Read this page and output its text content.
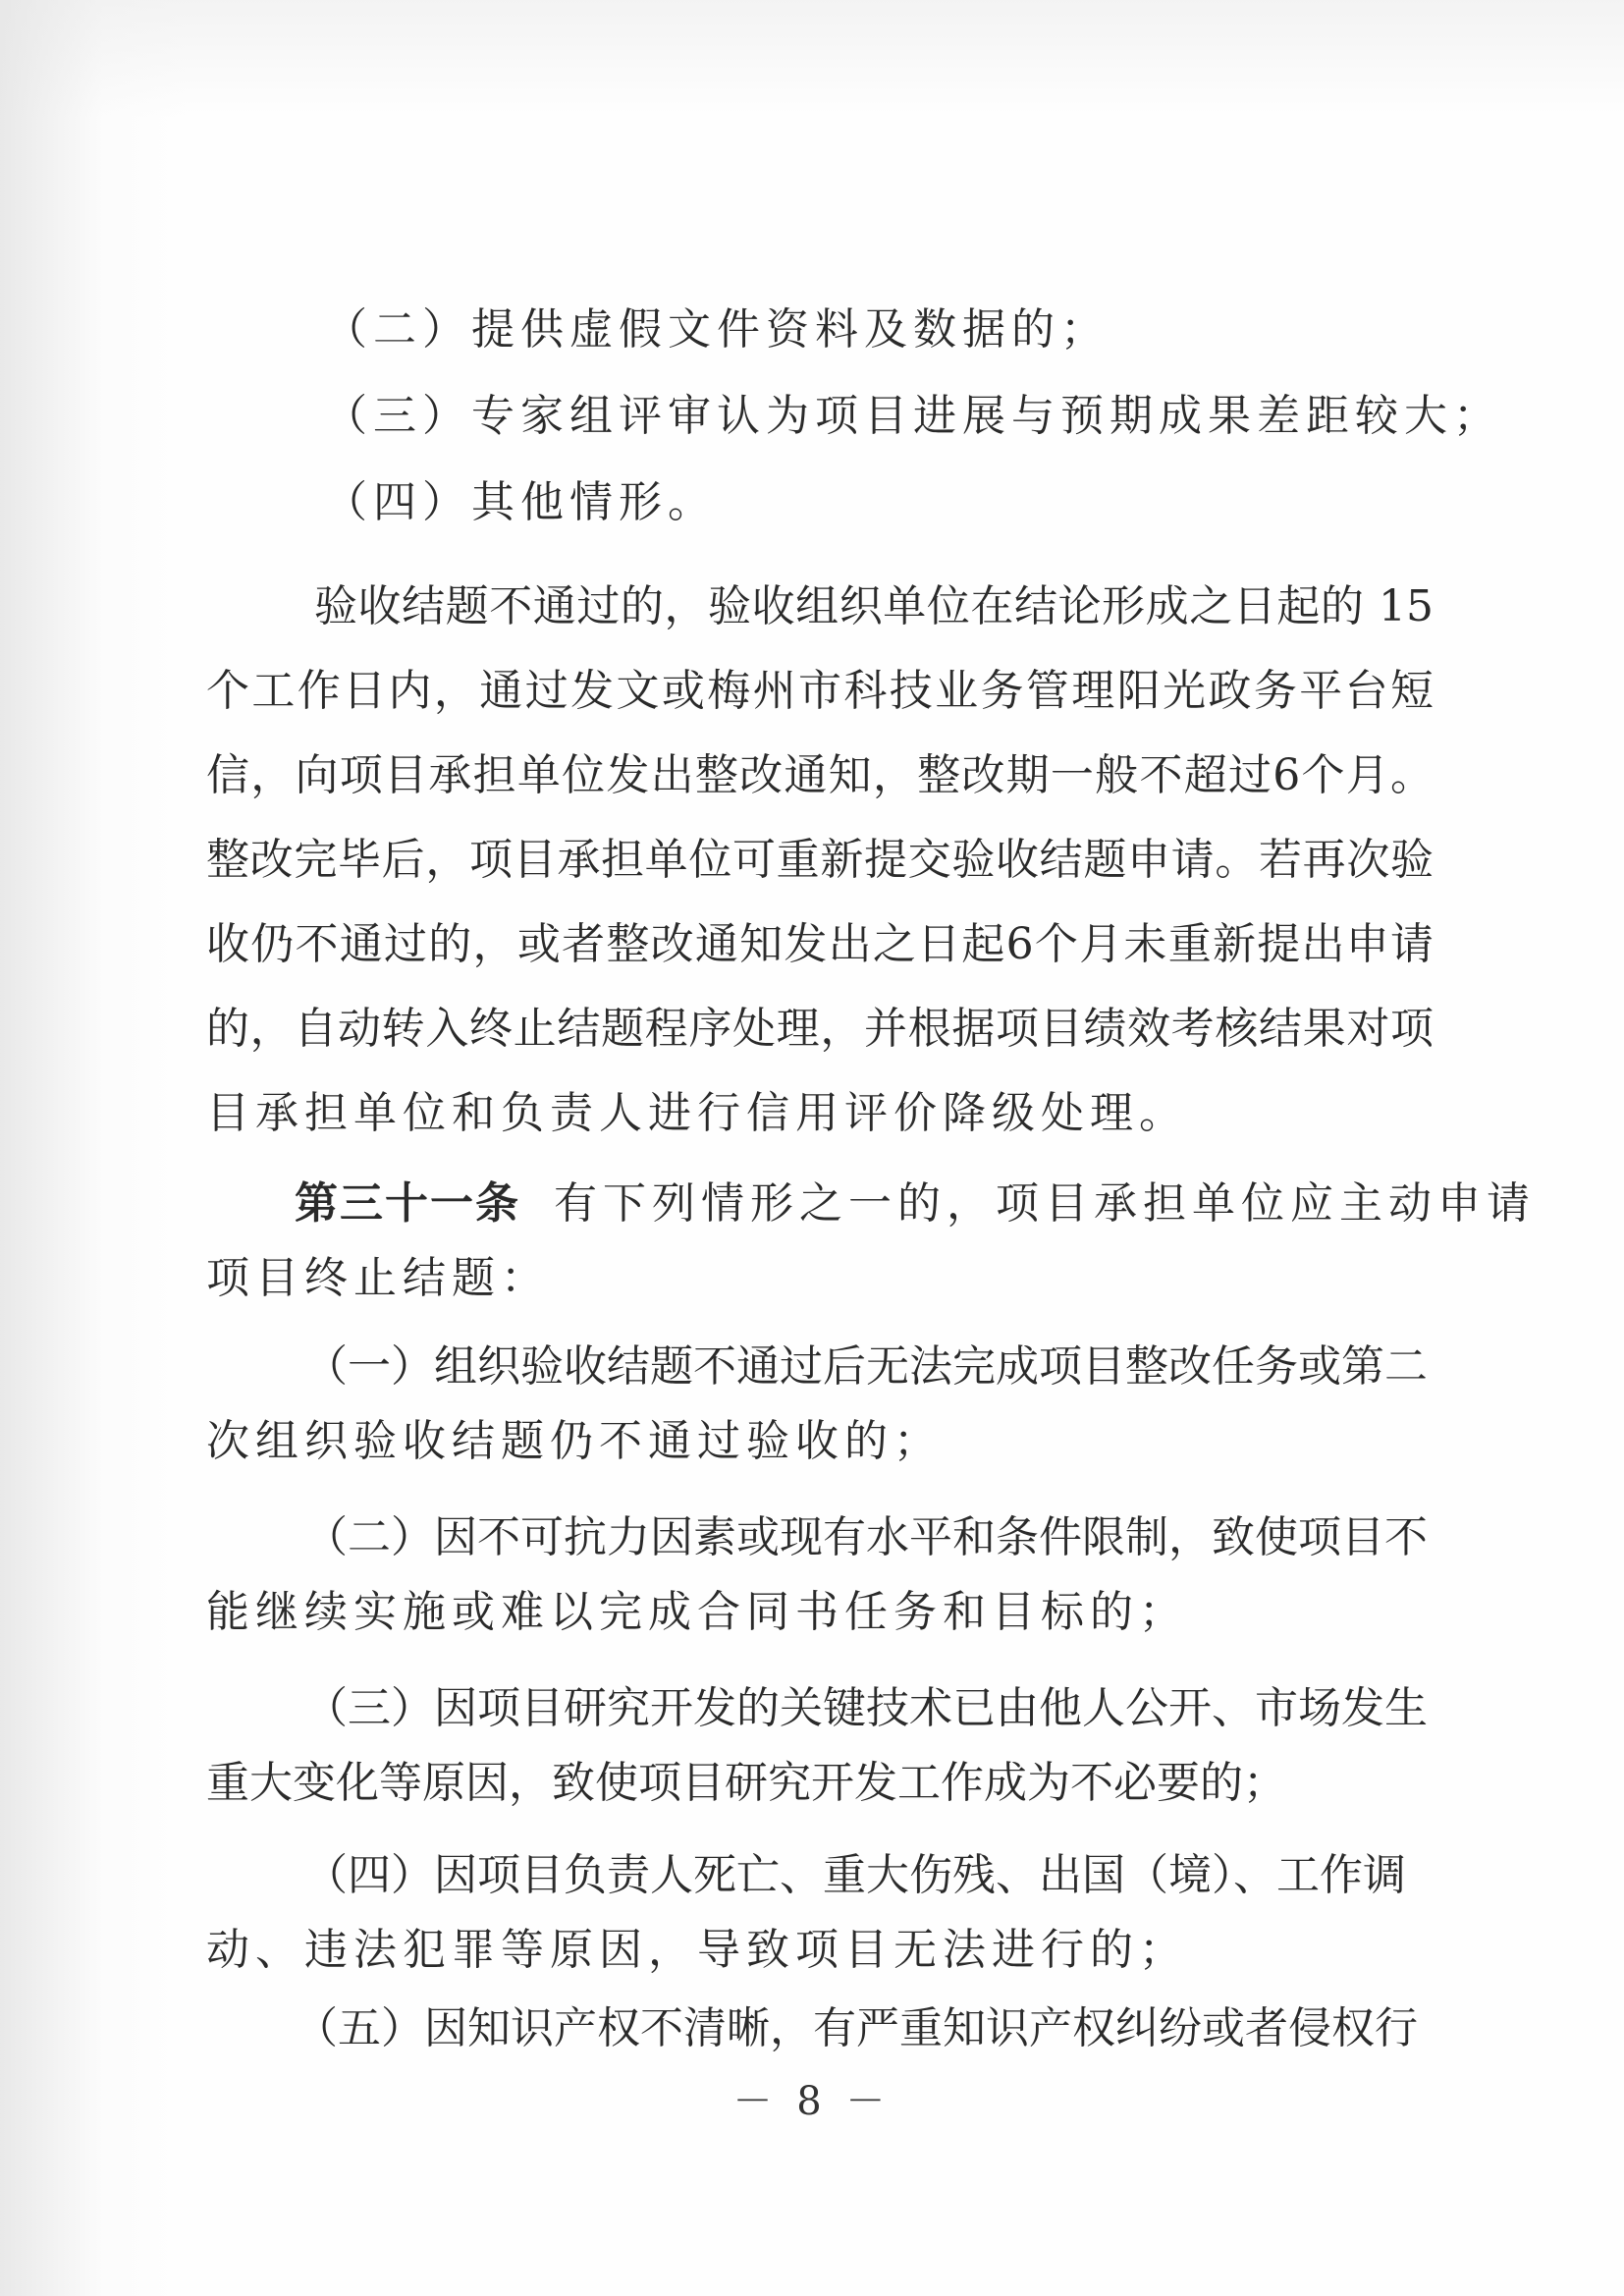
（二）提供虚假文件资料及数据的；
（三）专家组评审认为项目进展与预期成果差距较大；
（四）其他情形。
验收结题不通过的，验收组织单位在结论形成之日起的 15
个工作日内，通过发文或梅州市科技业务管理阳光政务平台短
信，向项目承担单位发出整改通知，整改期一般不超过6个月。
整改完毕后，项目承担单位可重新提交验收结题申请。若再次验
收仍不通过的，或者整改通知发出之日起6个月未重新提出申请
的，自动转入终止结题程序处理，并根据项目绩效考核结果对项
目承担单位和负责人进行信用评价降级处理。
第三十一条 有下列情形之一的，项目承担单位应主动申请
项目终止结题：
（一）组织验收结题不通过后无法完成项目整改任务或第二
次组织验收结题仍不通过验收的；
（二）因不可抗力因素或现有水平和条件限制，致使项目不
能继续实施或难以完成合同书任务和目标的；
（三）因项目研究开发的关键技术已由他人公开、市场发生
重大变化等原因，致使项目研究开发工作成为不必要的；
（四）因项目负责人死亡、重大伤残、出国（境）、工作调
动、违法犯罪等原因，导致项目无法进行的；
（五）因知识产权不清晰，有严重知识产权纠纷或者侵权行
－ 8 －
